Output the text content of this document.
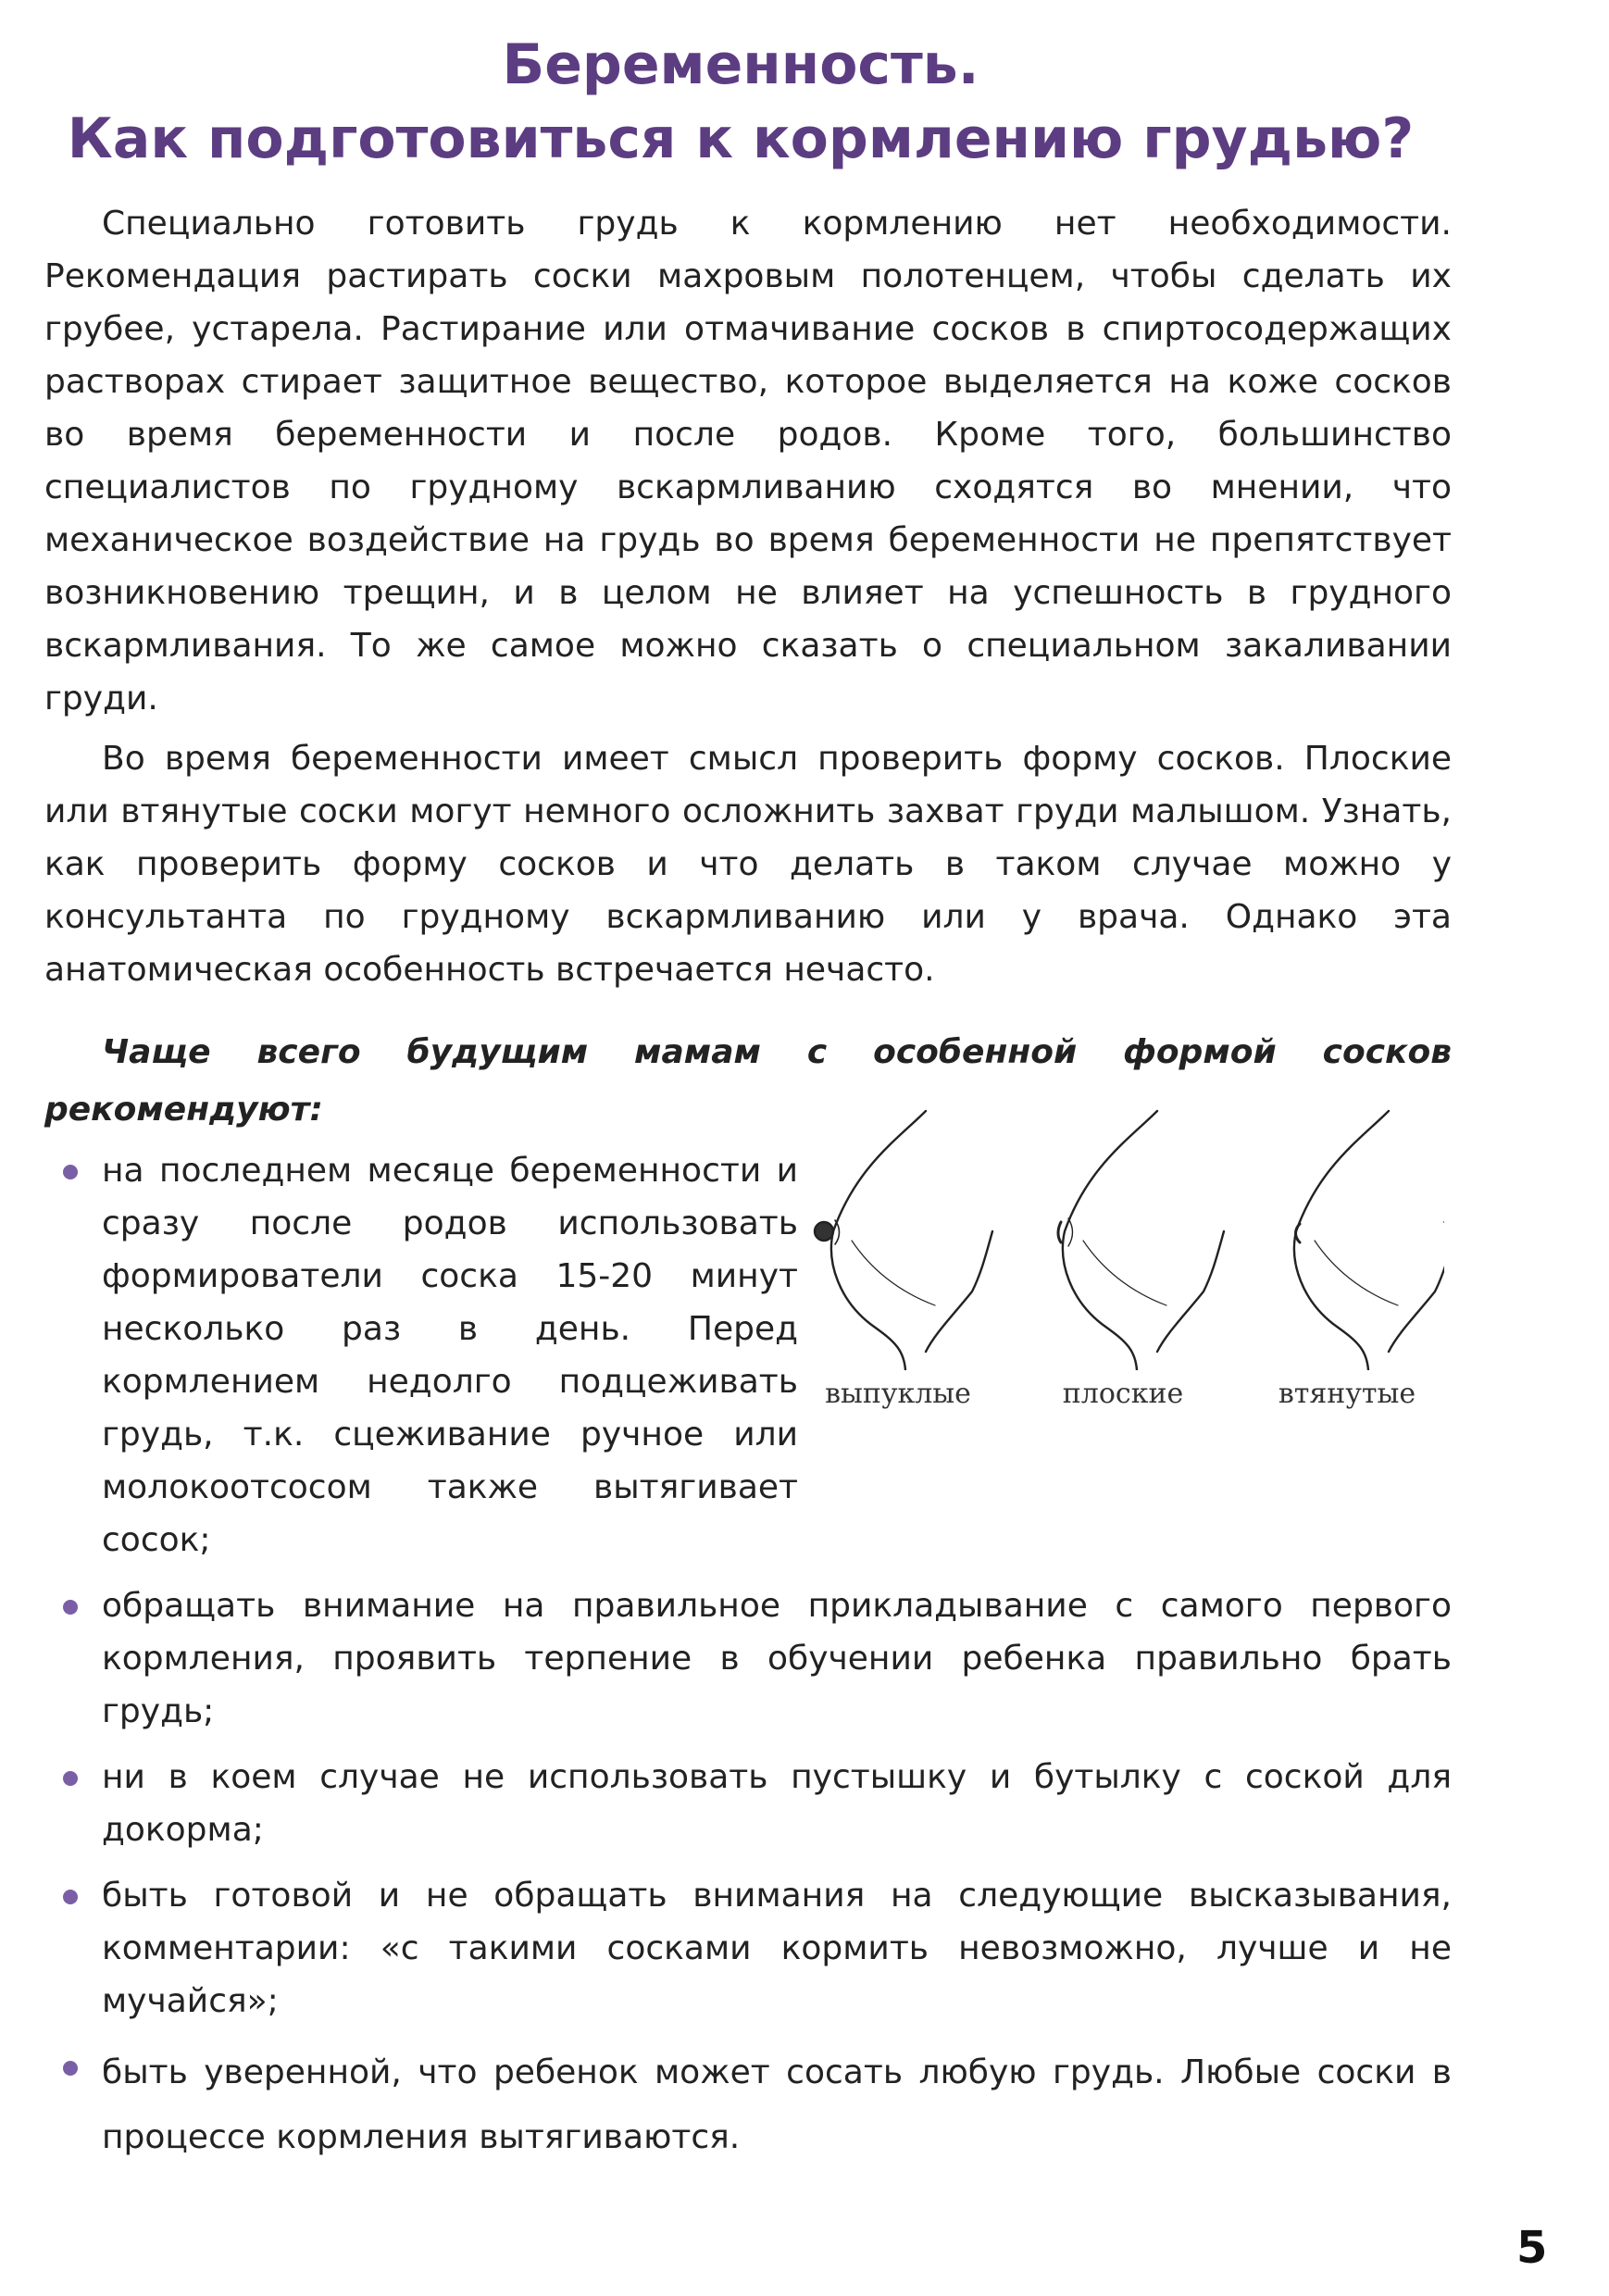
Беременность.
Как подготовиться к кормлению грудью?

Специально готовить грудь к кормлению нет необходимости. Рекомендация растирать соски махровым полотенцем, чтобы сделать их грубее, устарела. Растирание или отмачивание сосков в спиртосодержащих растворах стирает защитное вещество, которое выделяется на коже сосков во время беременности и после родов. Кроме того, большинство специалистов по грудному вскармливанию сходятся во мнении, что механическое воздействие на грудь во время беременности не препятствует возникновению трещин, и в целом не влияет на успешность в грудного вскармливания. То же самое можно сказать о специальном закаливании груди.

Во время беременности имеет смысл проверить форму сосков. Плоские или втянутые соски могут немного осложнить захват груди малышом. Узнать, как проверить форму сосков и что делать в таком случае можно у консультанта по грудному вскармливанию или у врача. Однако эта анатомическая особенность встречается нечасто.

Чаще всего будущим мамам с особенной формой сосков рекомендуют:
на последнем месяце беременности и сразу после родов использовать формирователи соска 15-20 минут несколько раз в день. Перед кормлением недолго подцеживать грудь, т.к. сцеживание ручное или молокоотсосом также вытягивает сосок;
обращать внимание на правильное прикладывание с самого первого кормления, проявить терпение в обучении ребенка правильно брать грудь;
ни в коем случае не использовать пустышку и бутылку с соской для докорма;
быть готовой и не обращать внимания на следующие высказывания, комментарии: «с такими сосками кормить невозможно, лучше и не мучайся»;
быть уверенной, что ребенок может сосать любую грудь. Любые соски в процессе кормления вытягиваются.
выпуклые	плоские	втянутые
5
